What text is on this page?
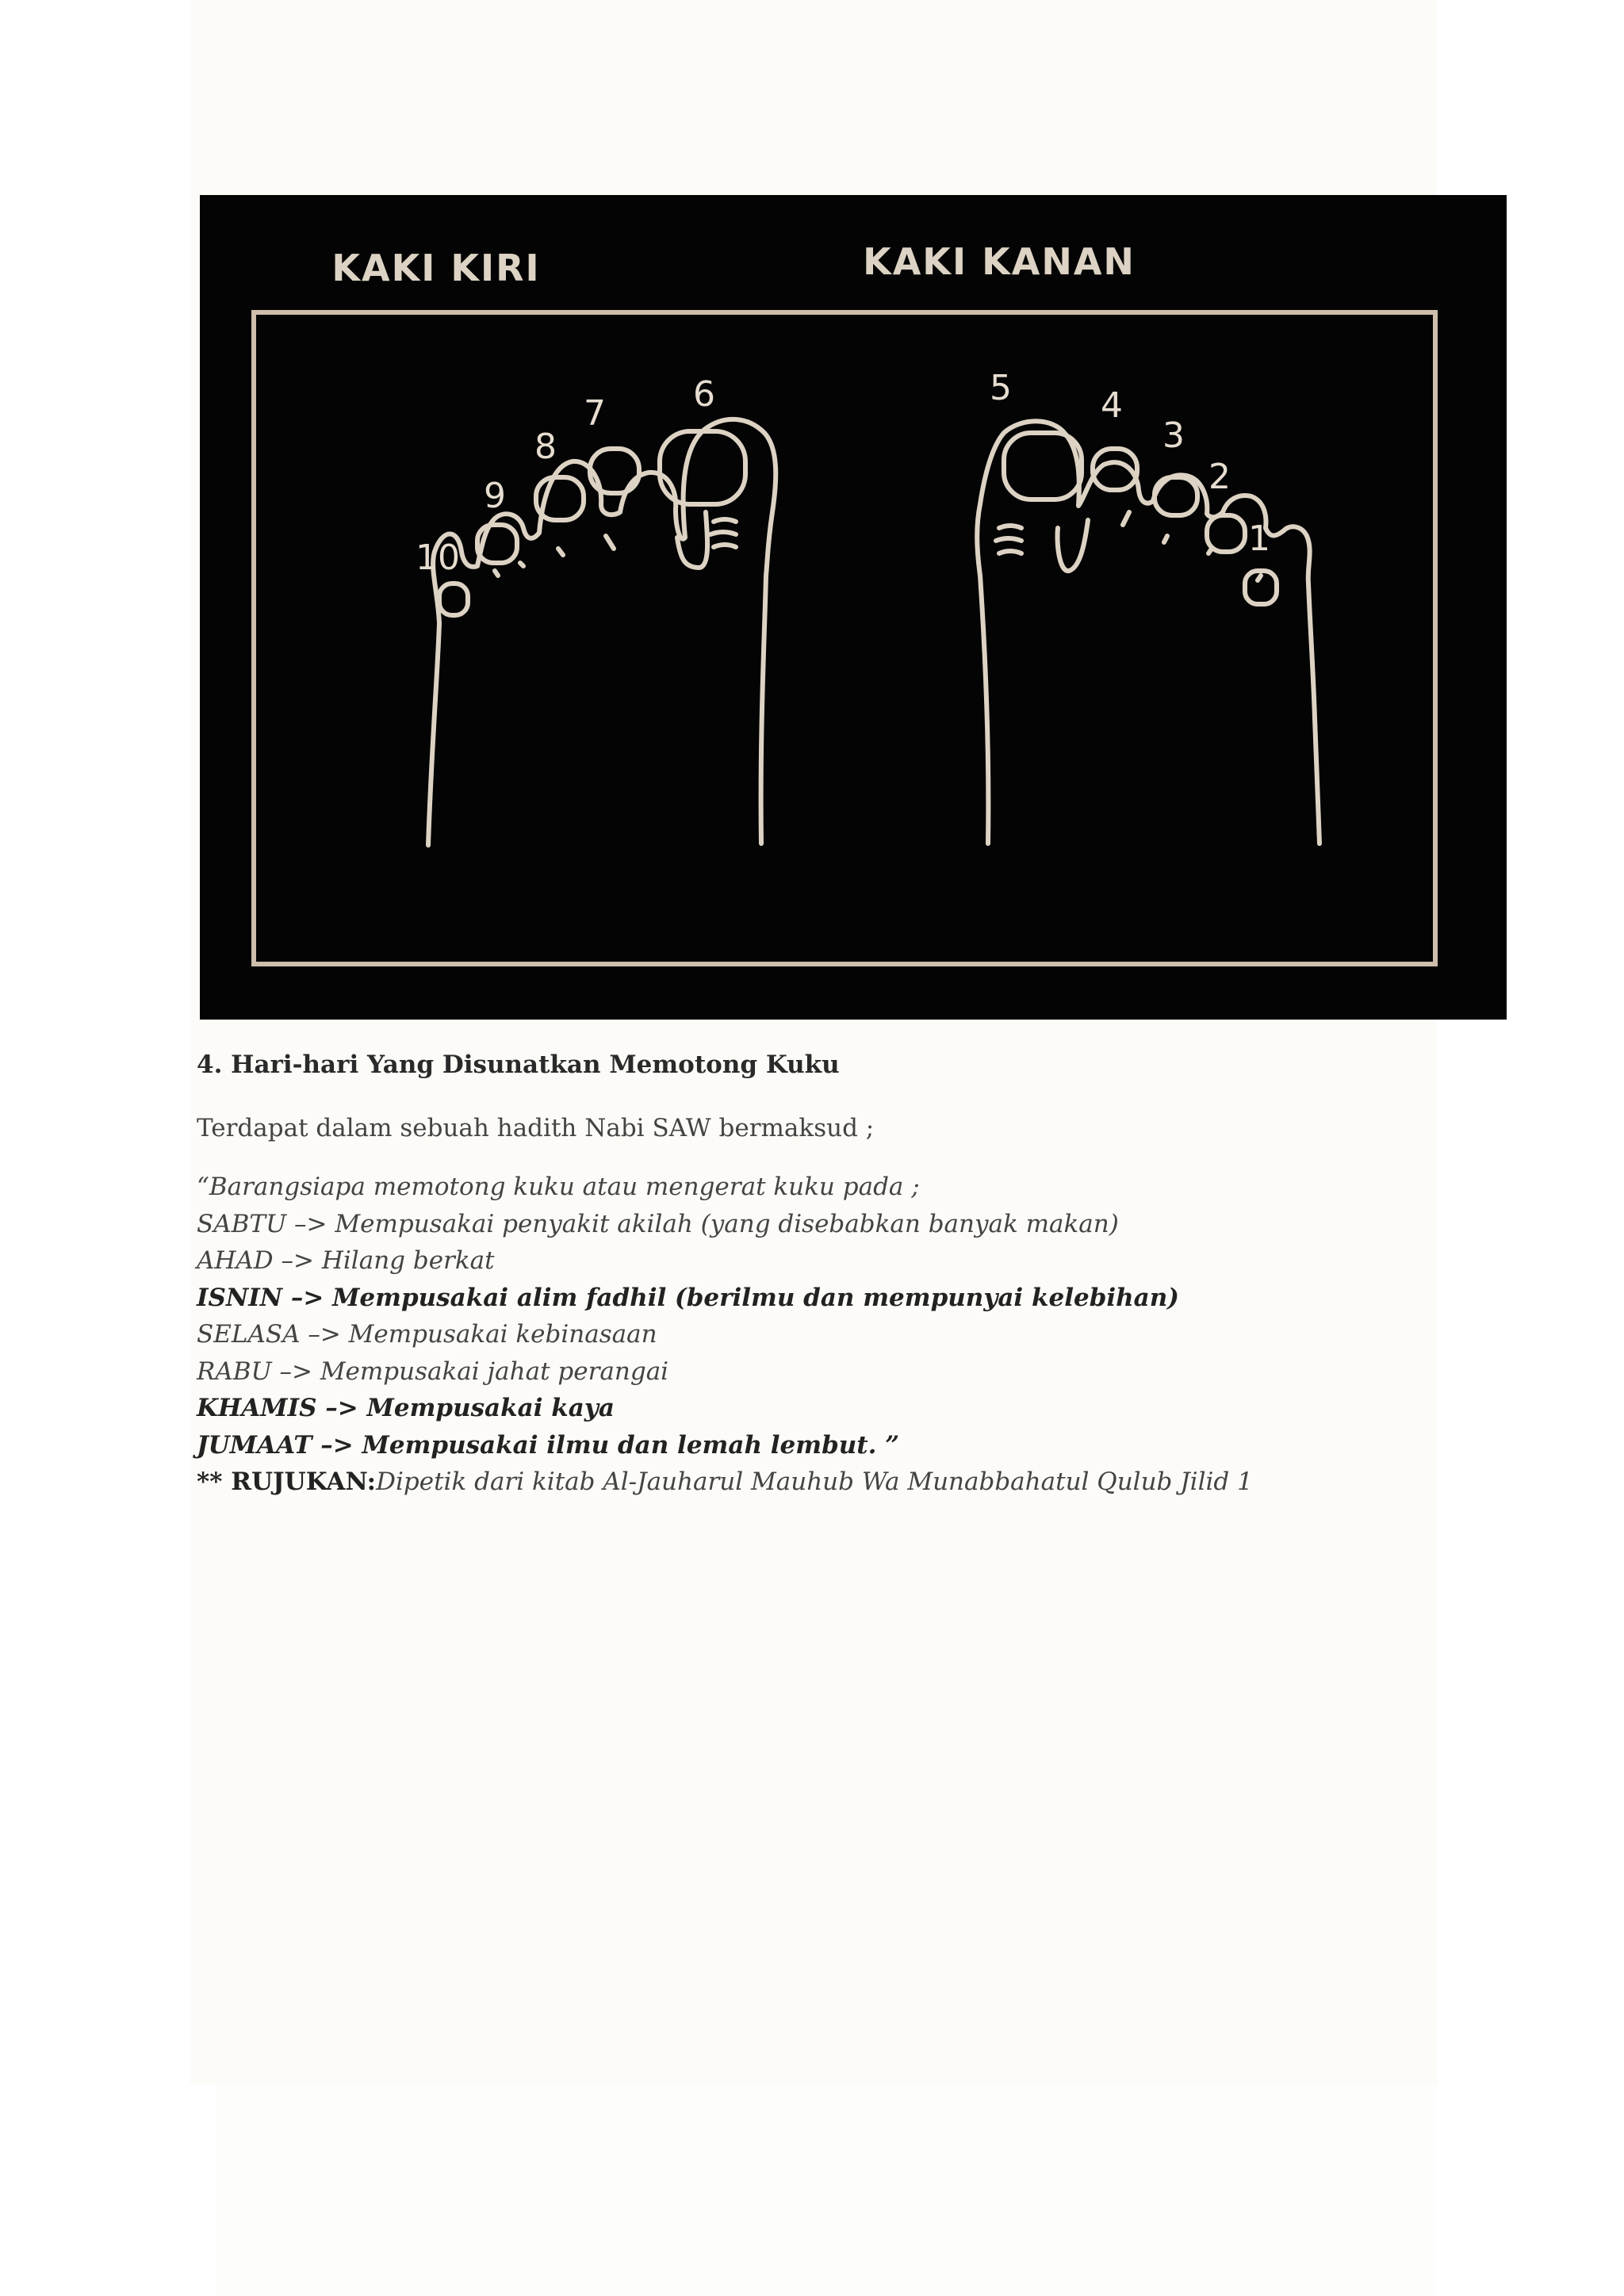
KAKI KIRI	KAKI KANAN
10
9
8
7	6	5	4
3
2
1
4. Hari-hari Yang Disunatkan Memotong Kuku

Terdapat dalam sebuah hadith Nabi SAW bermaksud ;

“Barangsiapa memotong kuku atau mengerat kuku pada ;
SABTU –> Mempusakai penyakit akilah (yang disebabkan banyak makan)
AHAD –> Hilang berkat
ISNIN –> Mempusakai alim fadhil (berilmu dan mempunyai kelebihan)
SELASA –> Mempusakai kebinasaan
RABU –> Mempusakai jahat perangai
KHAMIS –> Mempusakai kaya
JUMAAT –> Mempusakai ilmu dan lemah lembut. ”
** RUJUKAN:Dipetik dari kitab Al-Jauharul Mauhub Wa Munabbahatul Qulub Jilid 1
